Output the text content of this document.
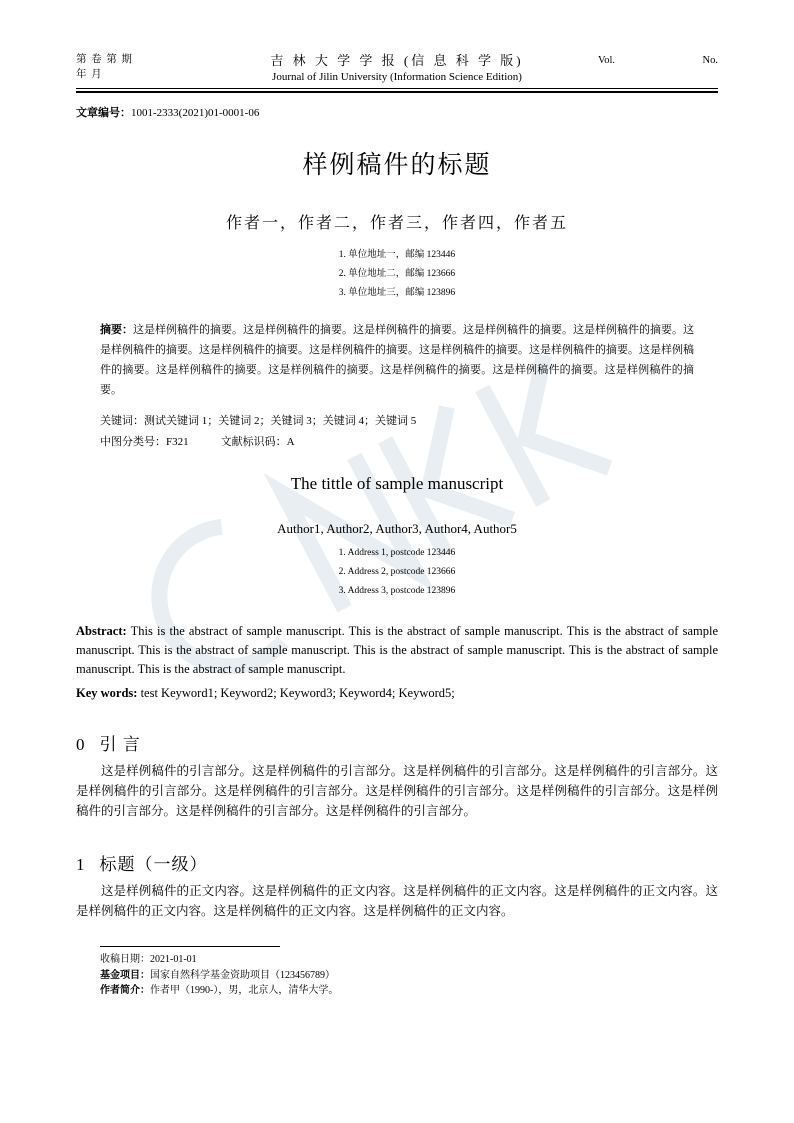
第 卷 第 期
年 月
吉 林 大 学 学 报 (信 息 科 学 版)
Journal of Jilin University (Information Science Edition)
Vol.	No.
文章编号：1001-2333(2021)01-0001-06
样例稿件的标题
作者一，作者二，作者三，作者四，作者五
1. 单位地址一，邮编 123446
2. 单位地址二，邮编 123666
3. 单位地址三，邮编 123896
摘要：这是样例稿件的摘要。这是样例稿件的摘要。这是样例稿件的摘要。这是样例稿件的摘要。这是样例稿件的摘要。这是样例稿件的摘要。这是样例稿件的摘要。这是样例稿件的摘要。这是样例稿件的摘要。这是样例稿件的摘要。这是样例稿件的摘要。这是样例稿件的摘要。这是样例稿件的摘要。这是样例稿件的摘要。这是样例稿件的摘要。这是样例稿件的摘要。
关键词：测试关键词 1；关键词 2；关键词 3；关键词 4；关键词 5
中图分类号：F321	文献标识码：A
The tittle of sample manuscript
Author1, Author2, Author3, Author4, Author5
1. Address 1, postcode 123446
2. Address 2, postcode 123666
3. Address 3, postcode 123896
Abstract: This is the abstract of sample manuscript. This is the abstract of sample manuscript. This is the abstract of sample manuscript. This is the abstract of sample manuscript. This is the abstract of sample manuscript. This is the abstract of sample manuscript. This is the abstract of sample manuscript.
Key words: test Keyword1; Keyword2; Keyword3; Keyword4; Keyword5;
0 引 言
这是样例稿件的引言部分。这是样例稿件的引言部分。这是样例稿件的引言部分。这是样例稿件的引言部分。这是样例稿件的引言部分。这是样例稿件的引言部分。这是样例稿件的引言部分。这是样例稿件的引言部分。这是样例稿件的引言部分。这是样例稿件的引言部分。这是样例稿件的引言部分。
1 标题（一级）
这是样例稿件的正文内容。这是样例稿件的正文内容。这是样例稿件的正文内容。这是样例稿件的正文内容。这是样例稿件的正文内容。这是样例稿件的正文内容。这是样例稿件的正文内容。
收稿日期：2021-01-01
基金项目：国家自然科学基金资助项目（123456789）
作者简介：作者甲（1990-），男，北京人，清华大学。
